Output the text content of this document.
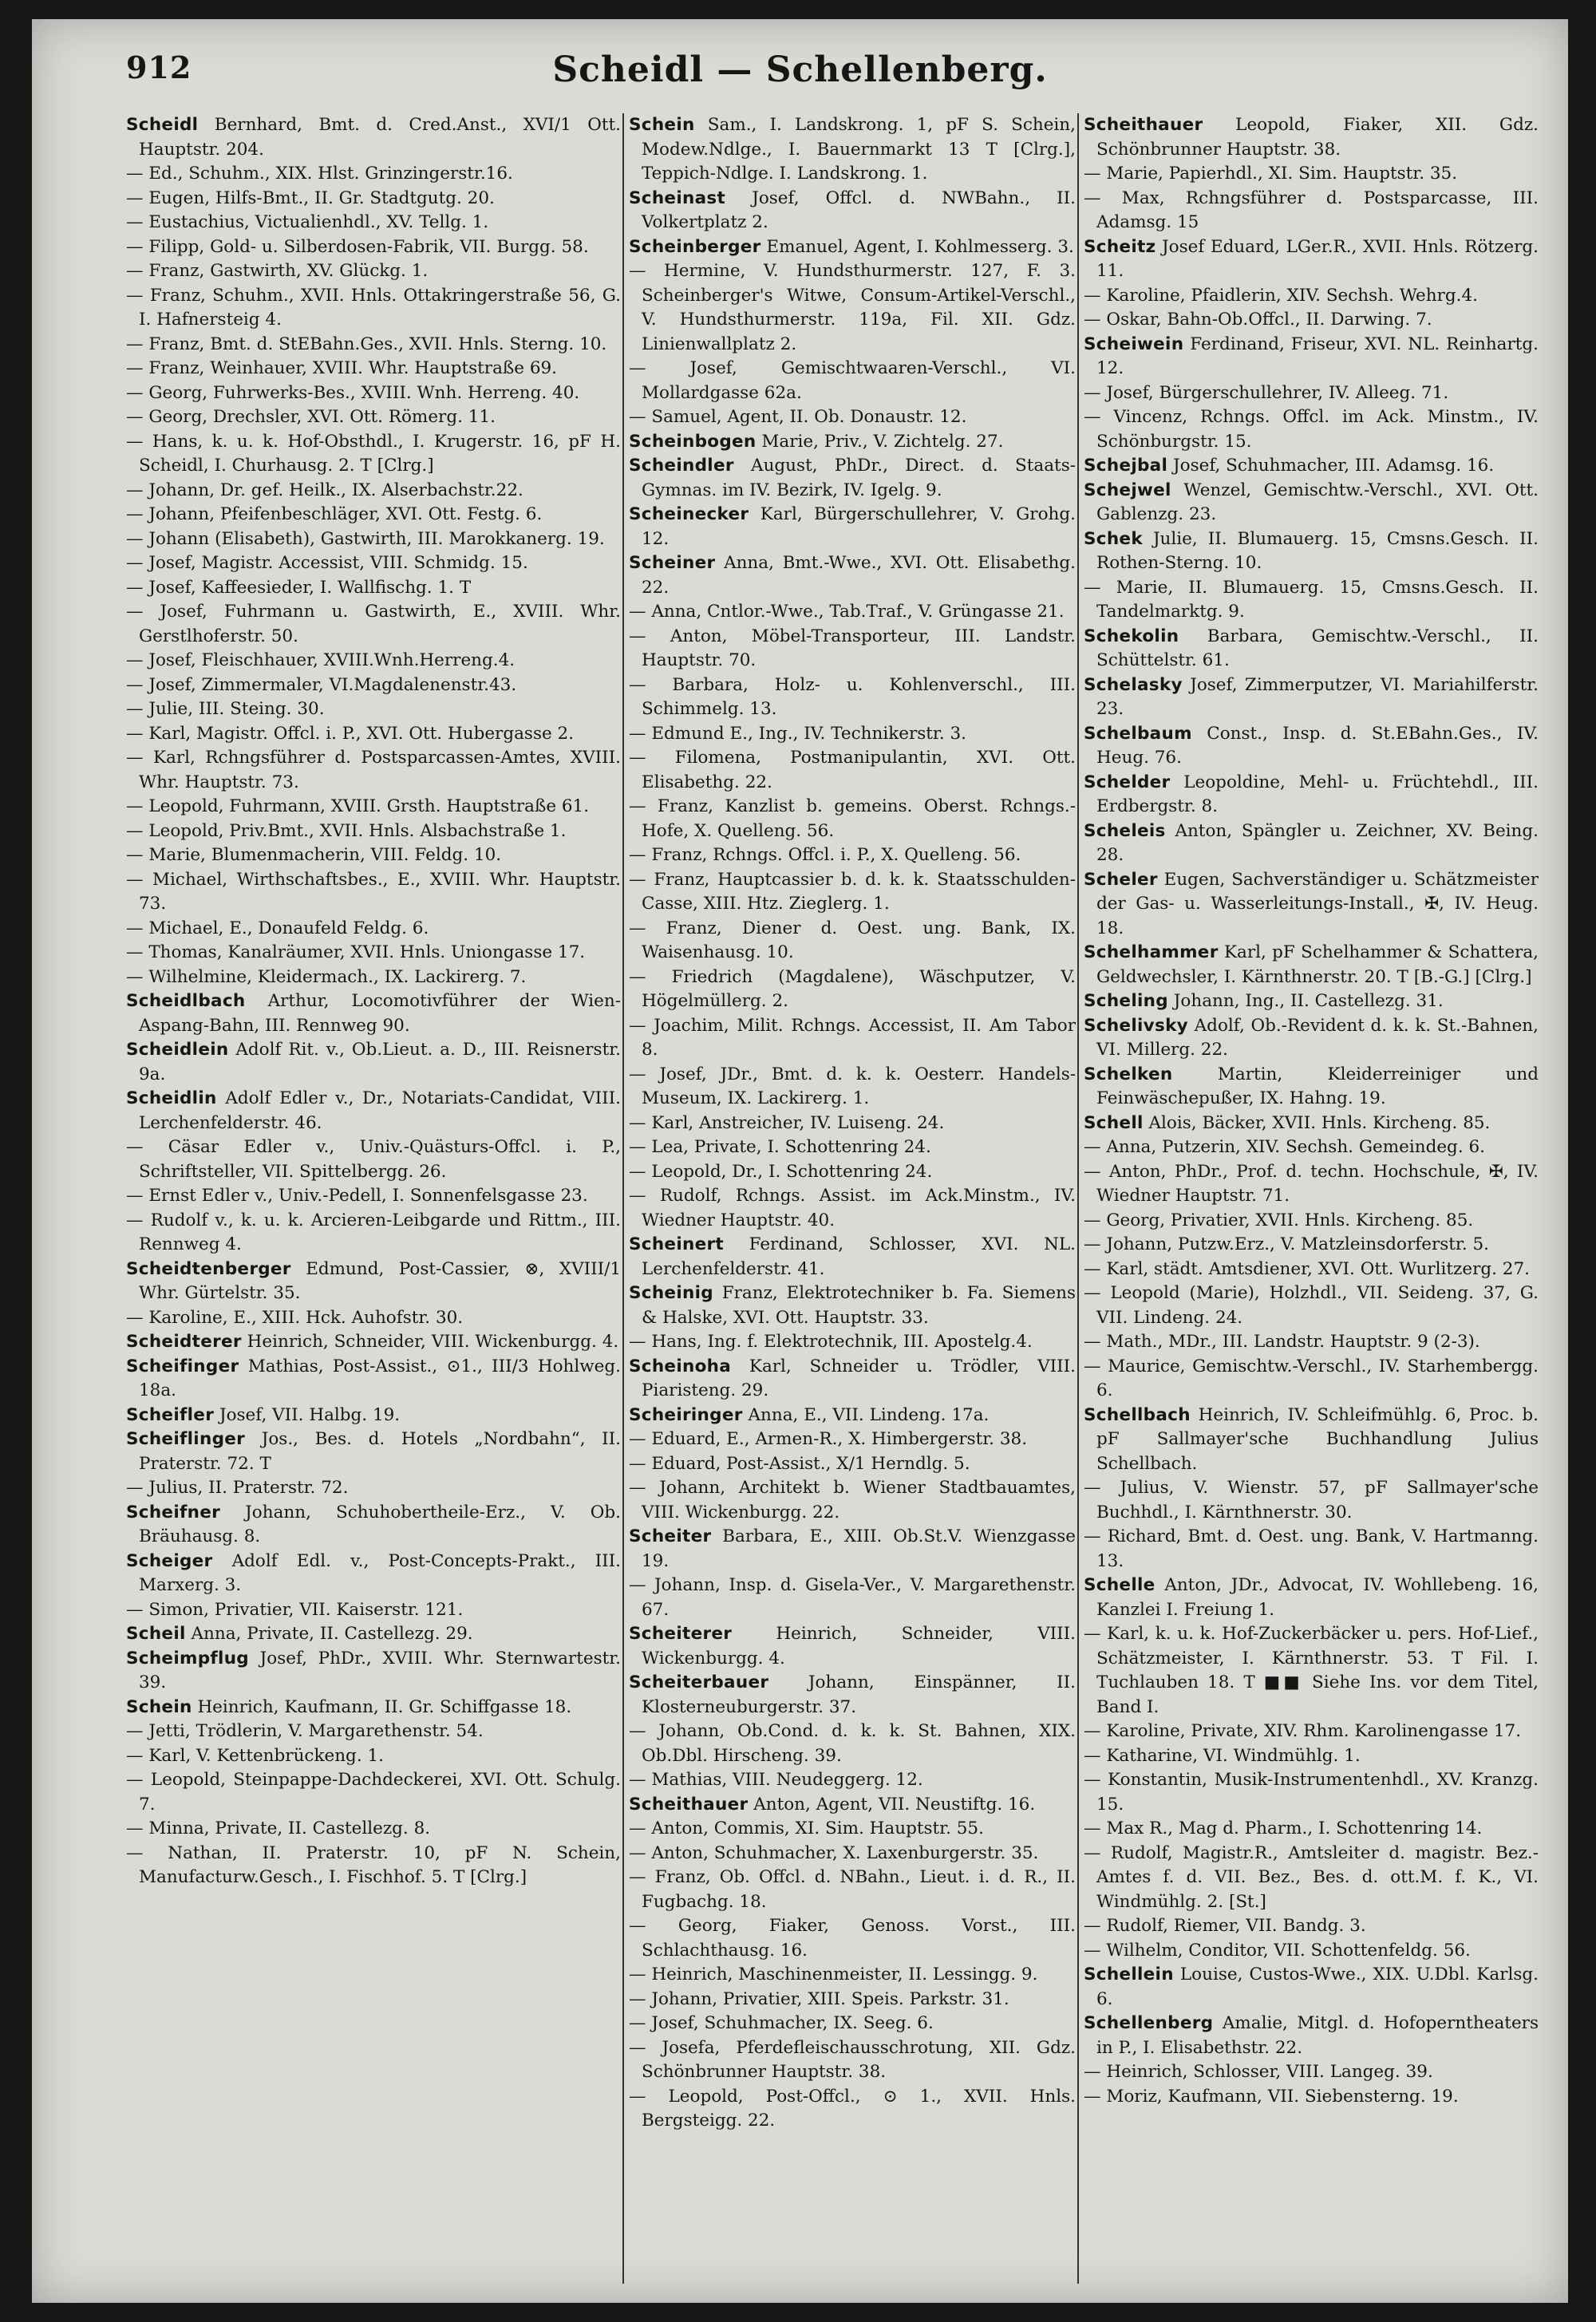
912	Scheidl — Schellenberg.

Scheidl Bernhard, Bmt. d. Cred.Anst., XVI/1 Ott. Hauptstr. 204.

— Ed., Schuhm., XIX. Hlst. Grinzingerstr.16.

— Eugen, Hilfs-Bmt., II. Gr. Stadtgutg. 20.

— Eustachius, Victualienhdl., XV. Tellg. 1.

— Filipp, Gold- u. Silberdosen-Fabrik, VII. Burgg. 58.

— Franz, Gastwirth, XV. Glückg. 1.

— Franz, Schuhm., XVII. Hnls. Ottakringerstraße 56, G. I. Hafnersteig 4.

— Franz, Bmt. d. StEBahn.Ges., XVII. Hnls. Sterng. 10.

— Franz, Weinhauer, XVIII. Whr. Hauptstraße 69.

— Georg, Fuhrwerks-Bes., XVIII. Wnh. Herreng. 40.

— Georg, Drechsler, XVI. Ott. Römerg. 11.

— Hans, k. u. k. Hof-Obsthdl., I. Krugerstr. 16, pF H. Scheidl, I. Churhausg. 2. T [Clrg.]

— Johann, Dr. gef. Heilk., IX. Alserbachstr.22.

— Johann, Pfeifenbeschläger, XVI. Ott. Festg. 6.

— Johann (Elisabeth), Gastwirth, III. Marokkanerg. 19.

— Josef, Magistr. Accessist, VIII. Schmidg. 15.

— Josef, Kaffeesieder, I. Wallfischg. 1. T

— Josef, Fuhrmann u. Gastwirth, E., XVIII. Whr. Gerstlhoferstr. 50.

— Josef, Fleischhauer, XVIII.Wnh.Herreng.4.

— Josef, Zimmermaler, VI.Magdalenenstr.43.

— Julie, III. Steing. 30.

— Karl, Magistr. Offcl. i. P., XVI. Ott. Hubergasse 2.

— Karl, Rchngsführer d. Postsparcassen-Amtes, XVIII. Whr. Hauptstr. 73.

— Leopold, Fuhrmann, XVIII. Grsth. Hauptstraße 61.

— Leopold, Priv.Bmt., XVII. Hnls. Alsbachstraße 1.

— Marie, Blumenmacherin, VIII. Feldg. 10.

— Michael, Wirthschaftsbes., E., XVIII. Whr. Hauptstr. 73.

— Michael, E., Donaufeld Feldg. 6.

— Thomas, Kanalräumer, XVII. Hnls. Uniongasse 17.

— Wilhelmine, Kleidermach., IX. Lackirerg. 7.

Scheidlbach Arthur, Locomotivführer der Wien-Aspang-Bahn, III. Rennweg 90.

Scheidlein Adolf Rit. v., Ob.Lieut. a. D., III. Reisnerstr. 9a.

Scheidlin Adolf Edler v., Dr., Notariats-Candidat, VIII. Lerchenfelderstr. 46.

— Cäsar Edler v., Univ.-Quästurs-Offcl. i. P., Schriftsteller, VII. Spittelbergg. 26.

— Ernst Edler v., Univ.-Pedell, I. Sonnenfelsgasse 23.

— Rudolf v., k. u. k. Arcieren-Leibgarde und Rittm., III. Rennweg 4.

Scheidtenberger Edmund, Post-Cassier, ⊗, XVIII/1 Whr. Gürtelstr. 35.

— Karoline, E., XIII. Hck. Auhofstr. 30.

Scheidterer Heinrich, Schneider, VIII. Wickenburgg. 4.

Scheifinger Mathias, Post-Assist., ⊙1., III/3 Hohlweg. 18a.

Scheifler Josef, VII. Halbg. 19.

Scheiflinger Jos., Bes. d. Hotels „Nordbahn“, II. Praterstr. 72. T

— Julius, II. Praterstr. 72.

Scheifner Johann, Schuhobertheile-Erz., V. Ob. Bräuhausg. 8.

Scheiger Adolf Edl. v., Post-Concepts-Prakt., III. Marxerg. 3.

— Simon, Privatier, VII. Kaiserstr. 121.

Scheil Anna, Private, II. Castellezg. 29.

Scheimpflug Josef, PhDr., XVIII. Whr. Sternwartestr. 39.

Schein Heinrich, Kaufmann, II. Gr. Schiffgasse 18.

— Jetti, Trödlerin, V. Margarethenstr. 54.

— Karl, V. Kettenbrückeng. 1.

— Leopold, Steinpappe-Dachdeckerei, XVI. Ott. Schulg. 7.

— Minna, Private, II. Castellezg. 8.

— Nathan, II. Praterstr. 10, pF N. Schein, Manufacturw.Gesch., I. Fischhof. 5. T [Clrg.]

Schein Sam., I. Landskrong. 1, pF S. Schein, Modew.Ndlge., I. Bauernmarkt 13 T [Clrg.], Teppich-Ndlge. I. Landskrong. 1.

Scheinast Josef, Offcl. d. NWBahn., II. Volkertplatz 2.

Scheinberger Emanuel, Agent, I. Kohlmesserg. 3.

— Hermine, V. Hundsthurmerstr. 127, F. 3. Scheinberger's Witwe, Consum-Artikel-Verschl., V. Hundsthurmerstr. 119a, Fil. XII. Gdz. Linienwallplatz 2.

— Josef, Gemischtwaaren-Verschl., VI. Mollardgasse 62a.

— Samuel, Agent, II. Ob. Donaustr. 12.

Scheinbogen Marie, Priv., V. Zichtelg. 27.

Scheindler August, PhDr., Direct. d. Staats-Gymnas. im IV. Bezirk, IV. Igelg. 9.

Scheinecker Karl, Bürgerschullehrer, V. Grohg. 12.

Scheiner Anna, Bmt.-Wwe., XVI. Ott. Elisabethg. 22.

— Anna, Cntlor.-Wwe., Tab.Traf., V. Grüngasse 21.

— Anton, Möbel-Transporteur, III. Landstr. Hauptstr. 70.

— Barbara, Holz- u. Kohlenverschl., III. Schimmelg. 13.

— Edmund E., Ing., IV. Technikerstr. 3.

— Filomena, Postmanipulantin, XVI. Ott. Elisabethg. 22.

— Franz, Kanzlist b. gemeins. Oberst. Rchngs.-Hofe, X. Quelleng. 56.

— Franz, Rchngs. Offcl. i. P., X. Quelleng. 56.

— Franz, Hauptcassier b. d. k. k. Staatsschulden-Casse, XIII. Htz. Zieglerg. 1.

— Franz, Diener d. Oest. ung. Bank, IX. Waisenhausg. 10.

— Friedrich (Magdalene), Wäschputzer, V. Högelmüllerg. 2.

— Joachim, Milit. Rchngs. Accessist, II. Am Tabor 8.

— Josef, JDr., Bmt. d. k. k. Oesterr. Handels-Museum, IX. Lackirerg. 1.

— Karl, Anstreicher, IV. Luiseng. 24.

— Lea, Private, I. Schottenring 24.

— Leopold, Dr., I. Schottenring 24.

— Rudolf, Rchngs. Assist. im Ack.Minstm., IV. Wiedner Hauptstr. 40.

Scheinert Ferdinand, Schlosser, XVI. NL. Lerchenfelderstr. 41.

Scheinig Franz, Elektrotechniker b. Fa. Siemens & Halske, XVI. Ott. Hauptstr. 33.

— Hans, Ing. f. Elektrotechnik, III. Apostelg.4.

Scheinoha Karl, Schneider u. Trödler, VIII. Piaristeng. 29.

Scheiringer Anna, E., VII. Lindeng. 17a.

— Eduard, E., Armen-R., X. Himbergerstr. 38.

— Eduard, Post-Assist., X/1 Herndlg. 5.

— Johann, Architekt b. Wiener Stadtbauamtes, VIII. Wickenburgg. 22.

Scheiter Barbara, E., XIII. Ob.St.V. Wienzgasse 19.

— Johann, Insp. d. Gisela-Ver., V. Margarethenstr. 67.

Scheiterer	Heinrich, Schneider, VIII. Wickenburgg. 4.

Scheiterbauer Johann, Einspänner, II. Klosterneuburgerstr. 37.

— Johann, Ob.Cond. d. k. k. St. Bahnen, XIX. Ob.Dbl. Hirscheng. 39.

— Mathias, VIII. Neudeggerg. 12.

Scheithauer Anton, Agent, VII. Neustiftg. 16.

— Anton, Commis, XI. Sim. Hauptstr. 55.

— Anton, Schuhmacher, X. Laxenburgerstr. 35.

— Franz, Ob. Offcl. d. NBahn., Lieut. i. d. R., II. Fugbachg. 18.

— Georg, Fiaker, Genoss. Vorst., III. Schlachthausg. 16.

— Heinrich, Maschinenmeister, II. Lessingg. 9.

— Johann, Privatier, XIII. Speis. Parkstr. 31.

— Josef, Schuhmacher, IX. Seeg. 6.

— Josefa, Pferdefleischausschrotung, XII. Gdz. Schönbrunner Hauptstr. 38.

— Leopold, Post-Offcl., ⊙ 1., XVII. Hnls. Bergsteigg. 22.

Scheithauer Leopold, Fiaker, XII. Gdz. Schönbrunner Hauptstr. 38.

— Marie, Papierhdl., XI. Sim. Hauptstr. 35.

— Max, Rchngsführer d. Postsparcasse, III. Adamsg. 15

Scheitz Josef Eduard, LGer.R., XVII. Hnls. Rötzerg. 11.

— Karoline, Pfaidlerin, XIV. Sechsh. Wehrg.4.

— Oskar, Bahn-Ob.Offcl., II. Darwing. 7.

Scheiwein Ferdinand, Friseur, XVI. NL. Reinhartg. 12.

— Josef, Bürgerschullehrer, IV. Alleeg. 71.

— Vincenz, Rchngs. Offcl. im Ack. Minstm., IV. Schönburgstr. 15.

Schejbal Josef, Schuhmacher, III. Adamsg. 16.

Schejwel Wenzel, Gemischtw.-Verschl., XVI. Ott. Gablenzg. 23.

Schek Julie, II. Blumauerg. 15, Cmsns.Gesch. II. Rothen-Sterng. 10.

— Marie, II. Blumauerg. 15, Cmsns.Gesch. II. Tandelmarktg. 9.

Schekolin Barbara, Gemischtw.-Verschl., II. Schüttelstr. 61.

Schelasky Josef, Zimmerputzer, VI. Mariahilferstr. 23.

Schelbaum Const., Insp. d. St.EBahn.Ges., IV. Heug. 76.

Schelder Leopoldine, Mehl- u. Früchtehdl., III. Erdbergstr. 8.

Scheleis Anton, Spängler u. Zeichner, XV. Being. 28.

Scheler Eugen, Sachverständiger u. Schätzmeister der Gas- u. Wasserleitungs-Install., ✠, IV. Heug. 18.

Schelhammer Karl, pF Schelhammer & Schattera, Geldwechsler, I. Kärnthnerstr. 20. T [B.-G.] [Clrg.]

Scheling Johann, Ing., II. Castellezg. 31.

Schelivsky Adolf, Ob.-Revident d. k. k. St.-Bahnen, VI. Millerg. 22.

Schelken	Martin, Kleiderreiniger und Feinwäschepußer, IX. Hahng. 19.

Schell Alois, Bäcker, XVII. Hnls. Kircheng. 85.

— Anna, Putzerin, XIV. Sechsh. Gemeindeg. 6.

— Anton, PhDr., Prof. d. techn. Hochschule, ✠, IV. Wiedner Hauptstr. 71.

— Georg, Privatier, XVII. Hnls. Kircheng. 85.

— Johann, Putzw.Erz., V. Matzleinsdorferstr. 5.

— Karl, städt. Amtsdiener, XVI. Ott. Wurlitzerg. 27.

— Leopold (Marie), Holzhdl., VII. Seideng. 37, G. VII. Lindeng. 24.

— Math., MDr., III. Landstr. Hauptstr. 9 (2-3).

— Maurice, Gemischtw.-Verschl., IV. Starhembergg. 6.

Schellbach Heinrich, IV. Schleifmühlg. 6, Proc. b. pF Sallmayer'sche Buchhandlung Julius Schellbach.

— Julius, V. Wienstr. 57, pF Sallmayer'sche Buchhdl., I. Kärnthnerstr. 30.

— Richard, Bmt. d. Oest. ung. Bank, V. Hartmanng. 13.

Schelle Anton, JDr., Advocat, IV. Wohllebeng. 16, Kanzlei I. Freiung 1.

— Karl, k. u. k. Hof-Zuckerbäcker u. pers. Hof-Lief., Schätzmeister, I. Kärnthnerstr. 53. T Fil. I. Tuchlauben 18. T ■■ Siehe Ins. vor dem Titel, Band I.

— Karoline, Private, XIV. Rhm. Karolinengasse 17.

— Katharine, VI. Windmühlg. 1.

— Konstantin, Musik-Instrumentenhdl., XV. Kranzg. 15.

— Max R., Mag d. Pharm., I. Schottenring 14.

— Rudolf, Magistr.R., Amtsleiter d. magistr. Bez.-Amtes f. d. VII. Bez., Bes. d. ott.M. f. K., VI. Windmühlg. 2. [St.]

— Rudolf, Riemer, VII. Bandg. 3.

— Wilhelm, Conditor, VII. Schottenfeldg. 56.

Schellein Louise, Custos-Wwe., XIX. U.Dbl. Karlsg. 6.

Schellenberg Amalie, Mitgl. d. Hofoperntheaters in P., I. Elisabethstr. 22.

— Heinrich, Schlosser, VIII. Langeg. 39.

— Moriz, Kaufmann, VII. Siebensterng. 19.
